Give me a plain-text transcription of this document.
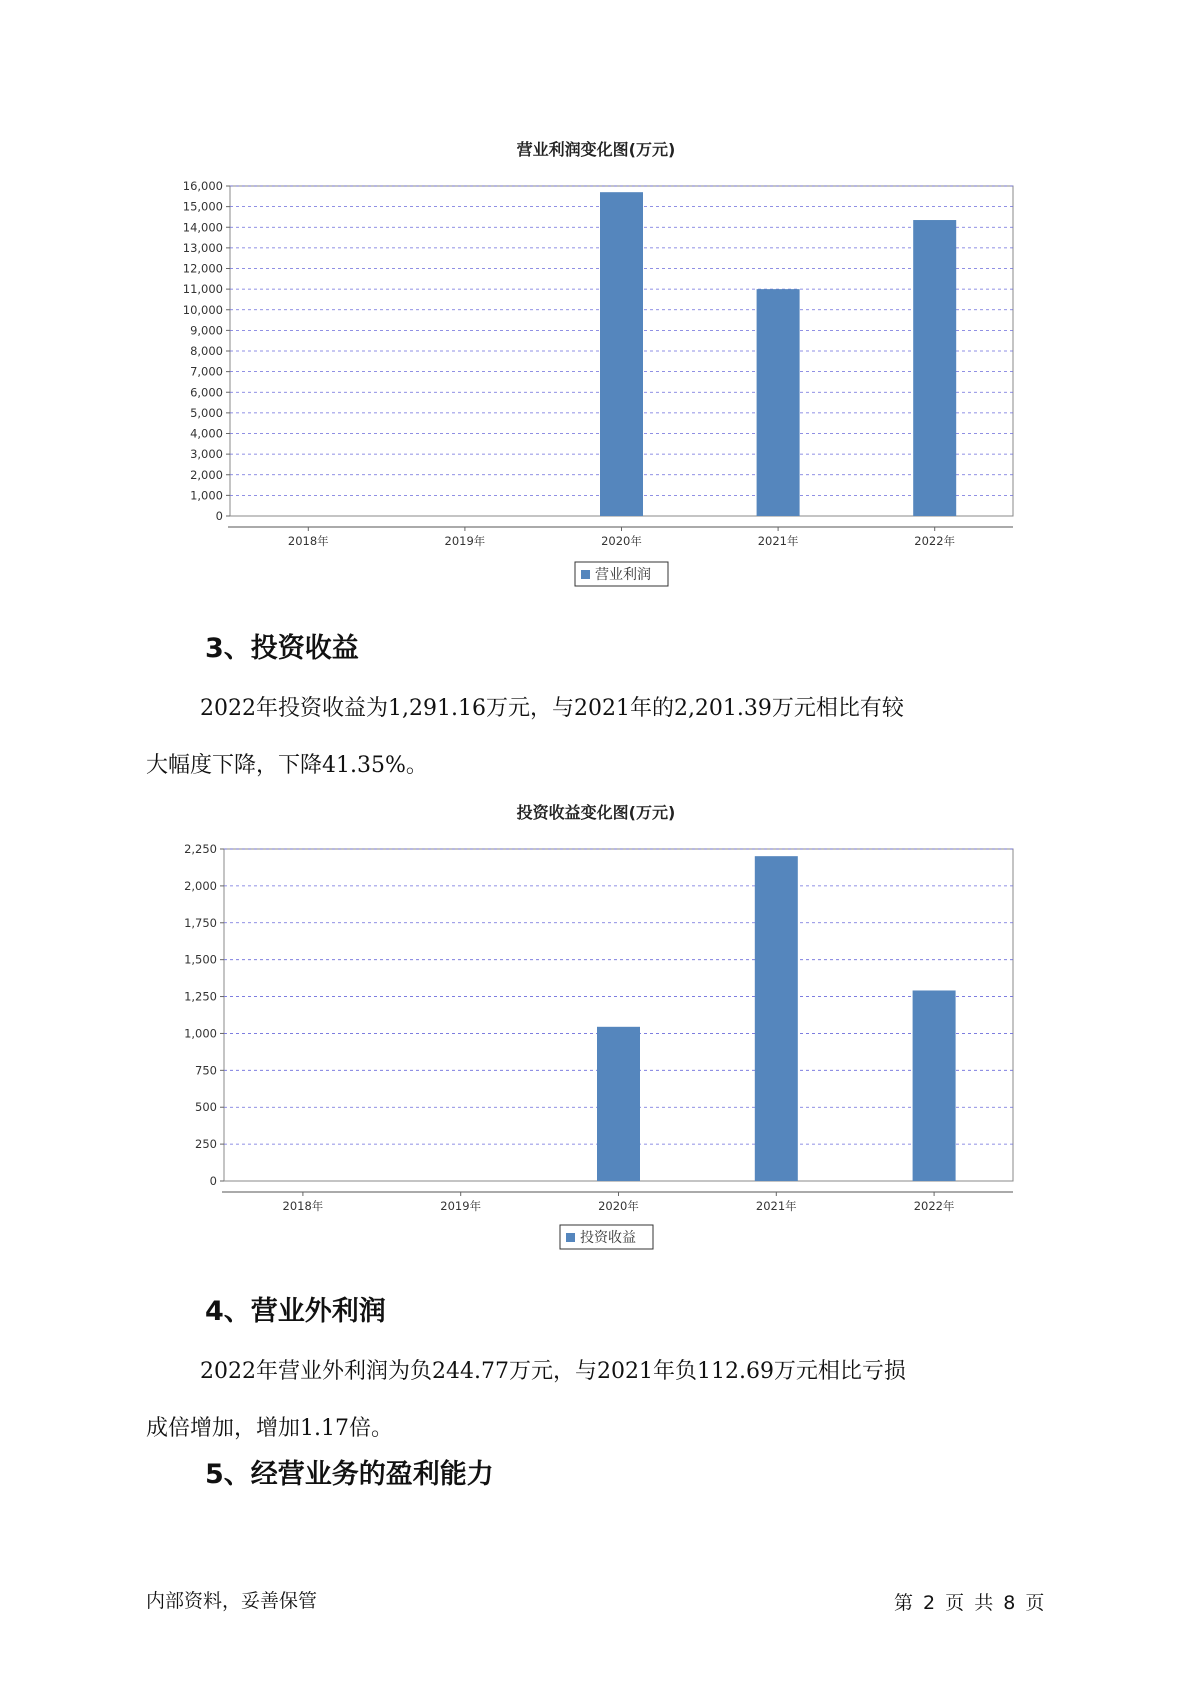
营业利润变化图(万元)
0
1,000
2,000
3,000
4,000
5,000
6,000
7,000
8,000
9,000
10,000
11,000
12,000
13,000
14,000
15,000
16,000
2018年	2019年	2020年	2021年	2022年
营业利润
3、投资收益

2022年投资收益为1,291.16万元，与2021年的2,201.39万元相比有较
大幅度下降，下降41.35%。

投资收益变化图(万元)
0
250
500
750
1,000
1,250
1,500
1,750
2,000
2,250
2018年	2019年	2020年	2021年	2022年
投资收益
4、营业外利润

2022年营业外利润为负244.77万元，与2021年负112.69万元相比亏损
成倍增加，增加1.17倍。

5、经营业务的盈利能力
内部资料，妥善保管	第 2 页 共 8 页
